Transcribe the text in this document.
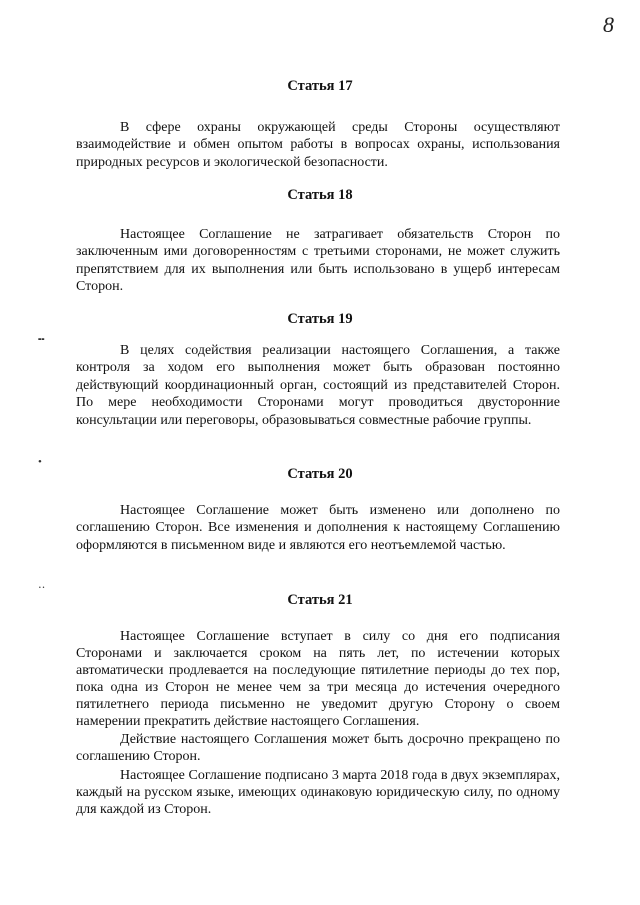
8
╍
•
‥
Статья 17

В сфере охраны окружающей среды Стороны осуществляют взаимодействие и обмен опытом работы в вопросах охраны, использования природных ресурсов и экологической безопасности.

Статья 18

Настоящее Соглашение не затрагивает обязательств Сторон по заключенным ими договоренностям с третьими сторонами, не может служить препятствием для их выполнения или быть использовано в ущерб интересам Сторон.

Статья 19

В целях содействия реализации настоящего Соглашения, а также контроля за ходом его выполнения может быть образован постоянно действующий координационный орган, состоящий из представителей Сторон. По мере необходимости Сторонами могут проводиться двусторонние консультации или переговоры, образовываться совместные рабочие группы.

Статья 20

Настоящее Соглашение может быть изменено или дополнено по соглашению Сторон. Все изменения и дополнения к настоящему Соглашению оформляются в письменном виде и являются его неотъемлемой частью.

Статья 21

Настоящее Соглашение вступает в силу со дня его подписания Сторонами и заключается сроком на пять лет, по истечении которых автоматически продлевается на последующие пятилетние периоды до тех пор, пока одна из Сторон не менее чем за три месяца до истечения очередного пятилетнего периода письменно не уведомит другую Сторону о своем намерении прекратить действие настоящего Соглашения.

Действие настоящего Соглашения может быть досрочно прекращено по соглашению Сторон.

Настоящее Соглашение подписано 3 марта 2018 года в двух экземплярах, каждый на русском языке, имеющих одинаковую юридическую силу, по одному для каждой из Сторон.
